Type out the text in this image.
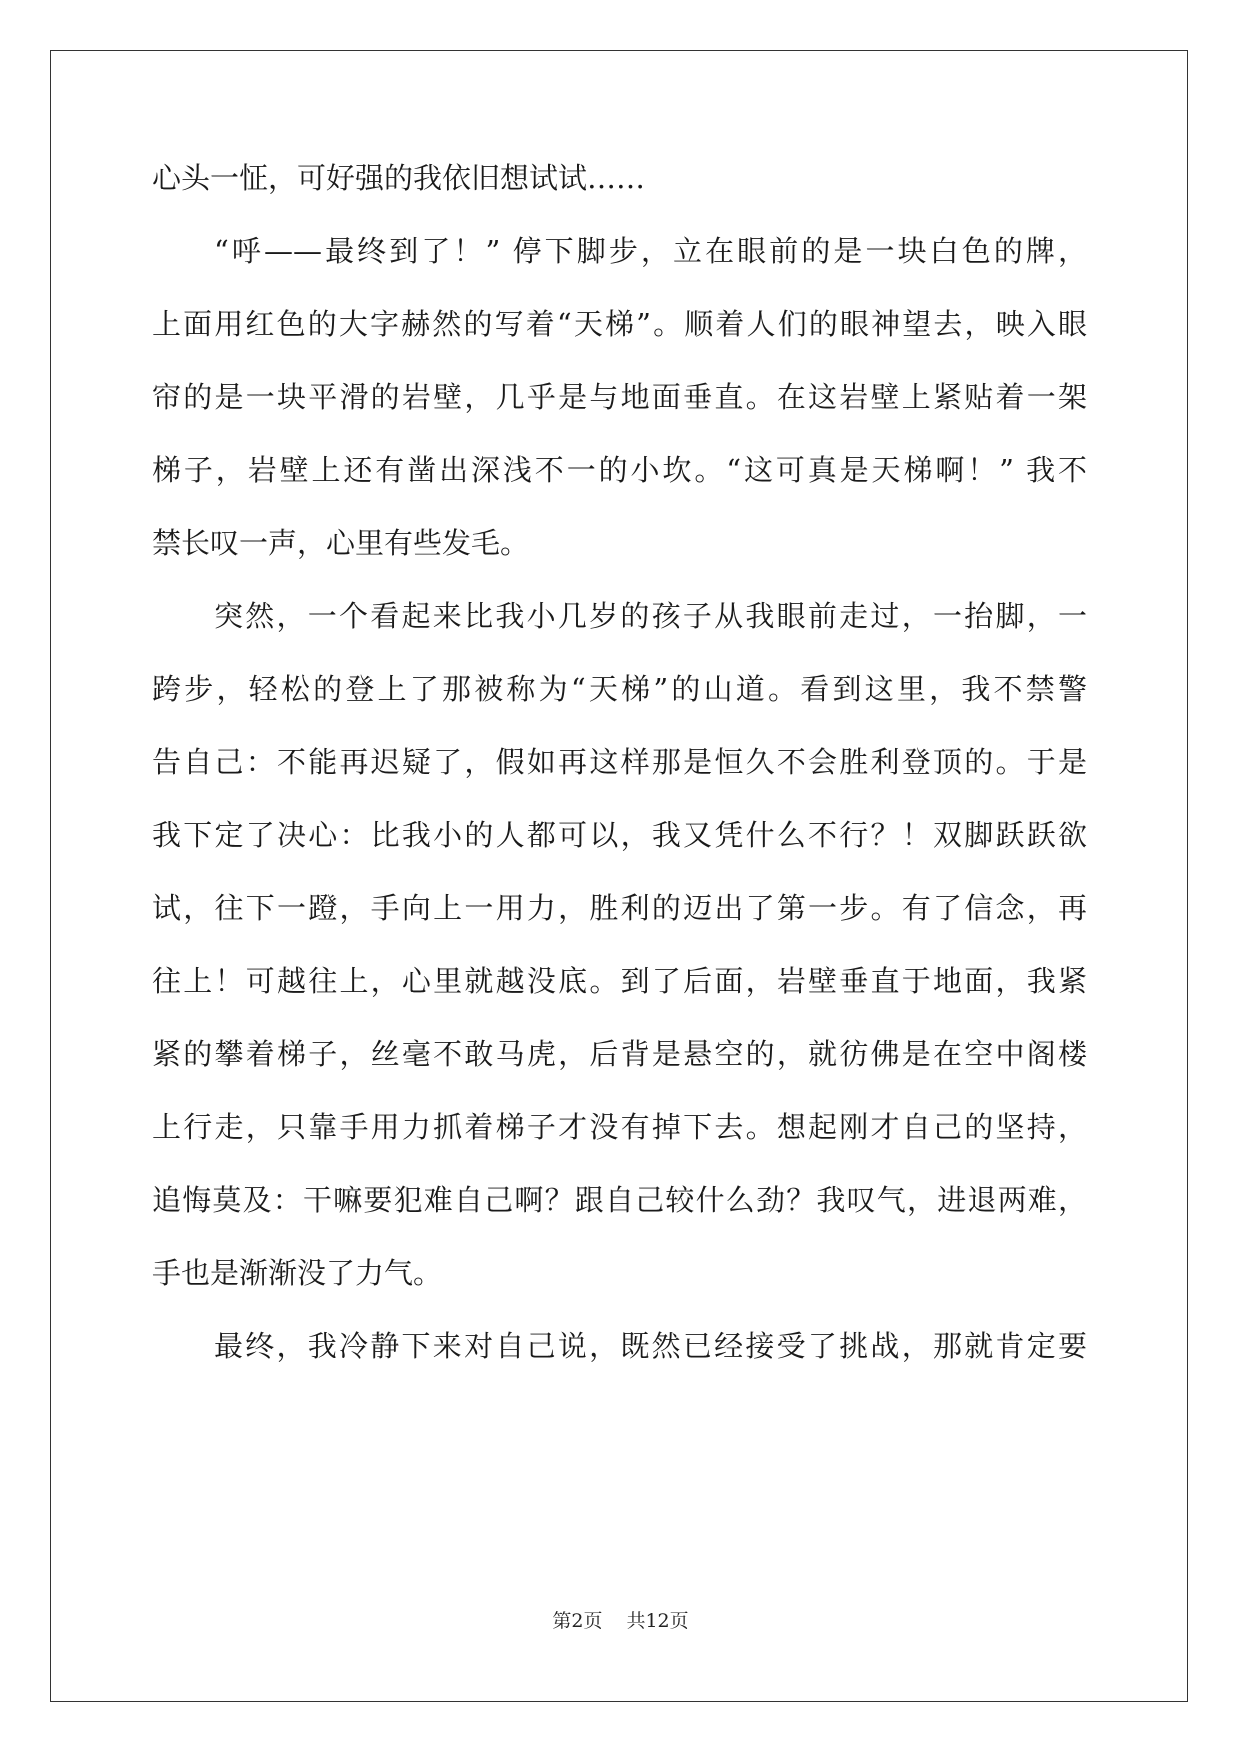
心头一怔，可好强的我依旧想试试……
“呼——最终到了！” 停下脚步，立在眼前的是一块白色的牌，
上面用红色的大字赫然的写着“天梯”。顺着人们的眼神望去，映入眼
帘的是一块平滑的岩壁，几乎是与地面垂直。在这岩壁上紧贴着一架
梯子，岩壁上还有凿出深浅不一的小坎。“这可真是天梯啊！” 我不
禁长叹一声，心里有些发毛。
突然，一个看起来比我小几岁的孩子从我眼前走过，一抬脚，一
跨步，轻松的登上了那被称为“天梯”的山道。看到这里，我不禁警
告自己：不能再迟疑了，假如再这样那是恒久不会胜利登顶的。于是
我下定了决心：比我小的人都可以，我又凭什么不行？！双脚跃跃欲
试，往下一蹬，手向上一用力，胜利的迈出了第一步。有了信念，再
往上！可越往上，心里就越没底。到了后面，岩壁垂直于地面，我紧
紧的攀着梯子，丝毫不敢马虎，后背是悬空的，就彷佛是在空中阁楼
上行走，只靠手用力抓着梯子才没有掉下去。想起刚才自己的坚持，
追悔莫及：干嘛要犯难自己啊？跟自己较什么劲？我叹气，进退两难，
手也是渐渐没了力气。
最终，我冷静下来对自己说，既然已经接受了挑战，那就肯定要
第2页 共12页
